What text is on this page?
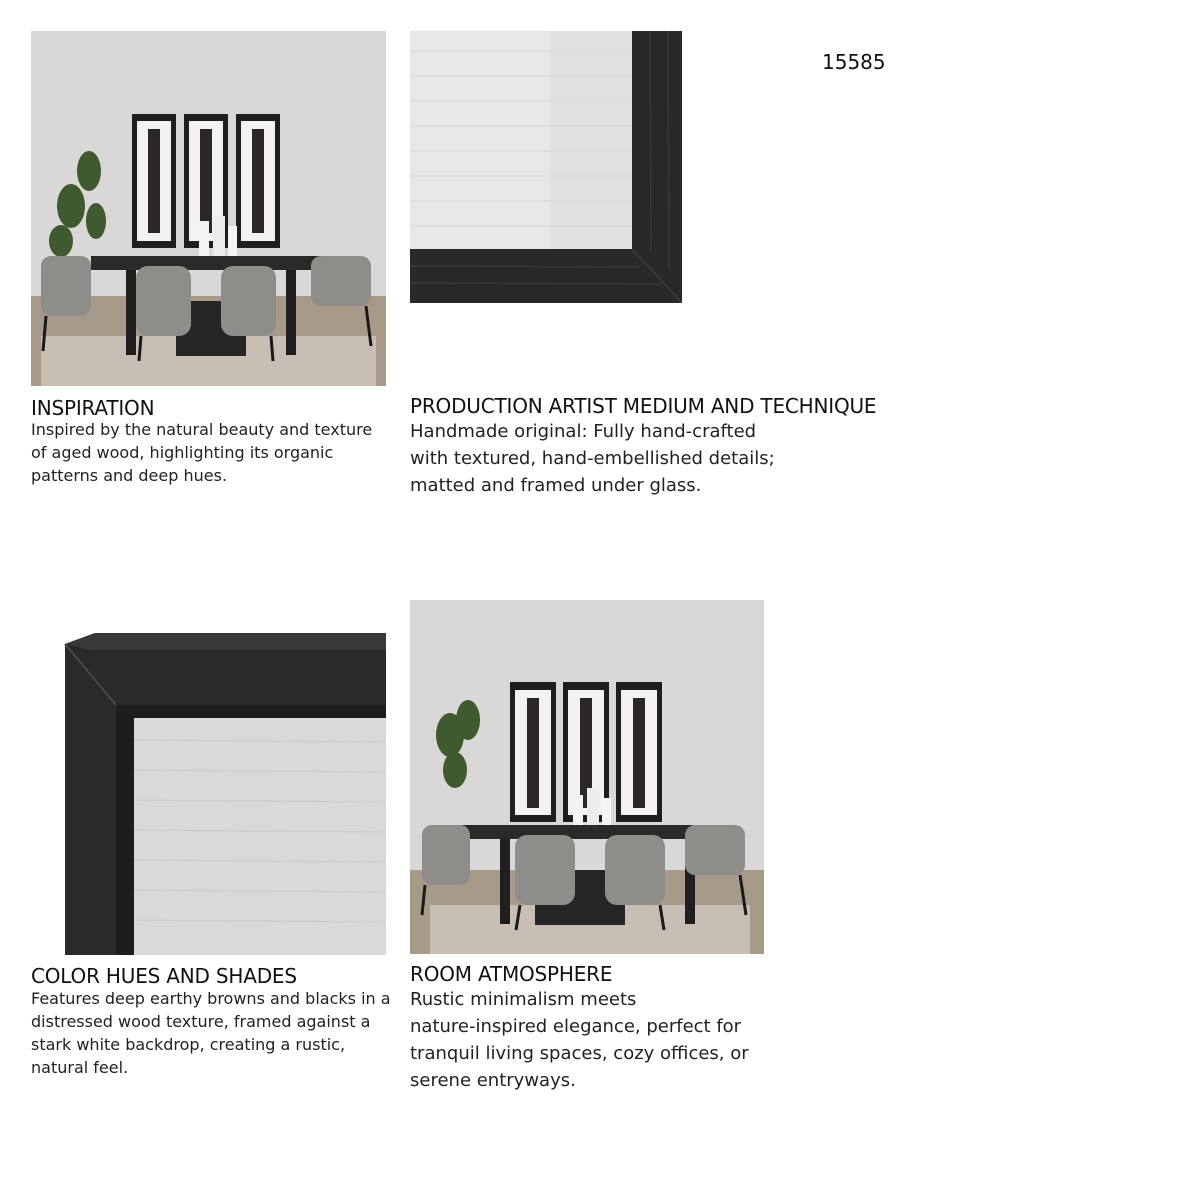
15585
INSPIRATION
Inspired by the natural beauty and texture of aged wood, highlighting its organic patterns and deep hues.
PRODUCTION ARTIST MEDIUM AND TECHNIQUE
Handmade original: Fully hand-crafted
with textured, hand-embellished details;
matted and framed under glass.
COLOR HUES AND SHADES
Features deep earthy browns and blacks in a distressed wood texture, framed against a stark white backdrop, creating a rustic, natural feel.
ROOM ATMOSPHERE
Rustic minimalism meets
nature-inspired elegance, perfect for
tranquil living spaces, cozy offices, or
serene entryways.
